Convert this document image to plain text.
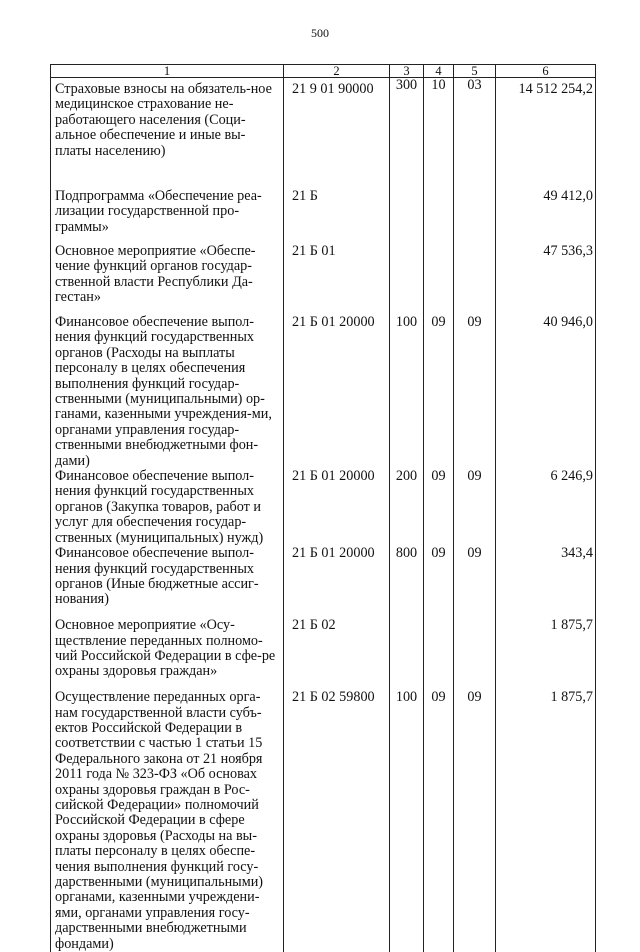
500
1	2	3	4	5	6
Страховые взносы на обязатель-ное медицинское страхование не-работающего населения (Соци-альное обеспечение и иные вы-платы населению)	21 9 01 90000	300	10	03	14 512 254,2
Подпрограмма «Обеспечение реа-лизации государственной про-граммы»	21 Б				49 412,0
Основное мероприятие «Обеспе-чение функций органов государ-ственной власти Республики Да-гестан»	21 Б 01				47 536,3
Финансовое обеспечение выпол-нения функций государственных органов (Расходы на выплаты персоналу в целях обеспечения выполнения функций государ-ственными (муниципальными) ор-ганами, казенными учреждения-ми, органами управления государ-ственными внебюджетными фон-дами)	21 Б 01 20000	100	09	09	40 946,0
Финансовое обеспечение выпол-нения функций государственных органов (Закупка товаров, работ и услуг для обеспечения государ-ственных (муниципальных) нужд)	21 Б 01 20000	200	09	09	6 246,9
Финансовое обеспечение выпол-нения функций государственных органов (Иные бюджетные ассиг-нования)	21 Б 01 20000	800	09	09	343,4
Основное мероприятие «Осу-ществление переданных полномо-чий Российской Федерации в сфе-ре охраны здоровья граждан»	21 Б 02				1 875,7
Осуществление переданных орга-нам государственной власти субъ-ектов Российской Федерации в соответствии с частью 1 статьи 15 Федерального закона от 21 ноября 2011 года № 323-ФЗ «Об основах охраны здоровья граждан в Рос-сийской Федерации» полномочий Российской Федерации в сфере охраны здоровья (Расходы на вы-платы персоналу в целях обеспе-чения выполнения функций госу-дарственными (муниципальными) органами, казенными учреждени-ями, органами управления госу-дарственными внебюджетными фондами)	21 Б 02 59800	100	09	09	1 875,7
